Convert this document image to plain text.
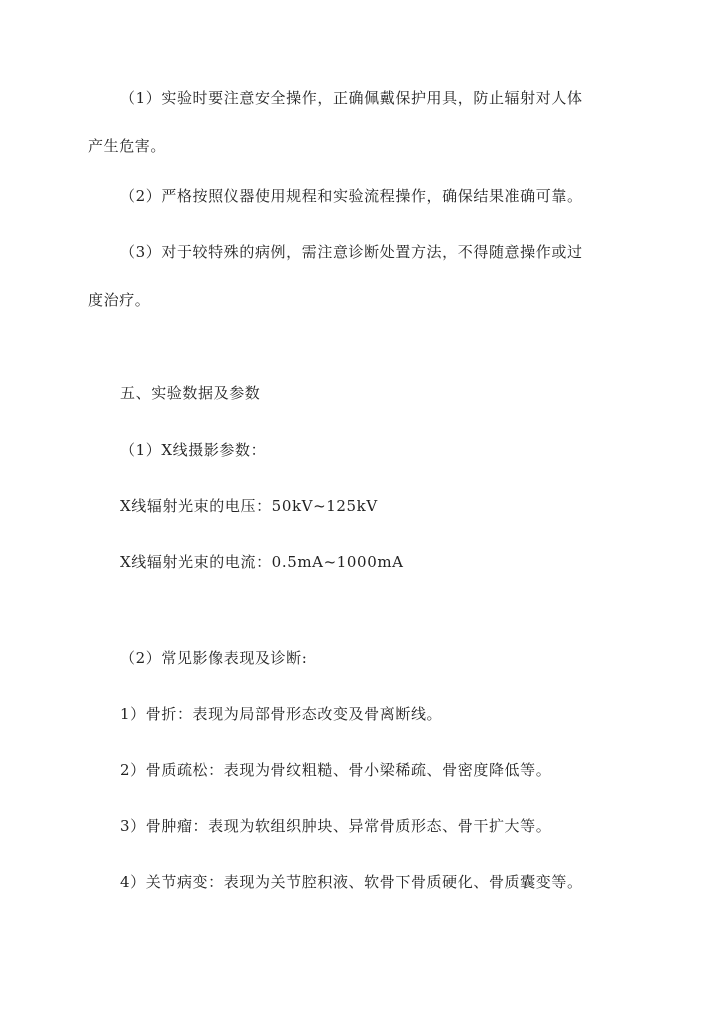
（1）实验时要注意安全操作，正确佩戴保护用具，防止辐射对人体
产生危害。
（2）严格按照仪器使用规程和实验流程操作，确保结果准确可靠。
（3）对于较特殊的病例，需注意诊断处置方法，不得随意操作或过
度治疗。
五、实验数据及参数
（1）X线摄影参数：
X线辐射光束的电压：50kV~125kV
X线辐射光束的电流：0.5mA~1000mA
（2）常见影像表现及诊断:
1）骨折：表现为局部骨形态改变及骨离断线。
2）骨质疏松：表现为骨纹粗糙、骨小梁稀疏、骨密度降低等。
3）骨肿瘤：表现为软组织肿块、异常骨质形态、骨干扩大等。
4）关节病变：表现为关节腔积液、软骨下骨质硬化、骨质囊变等。
